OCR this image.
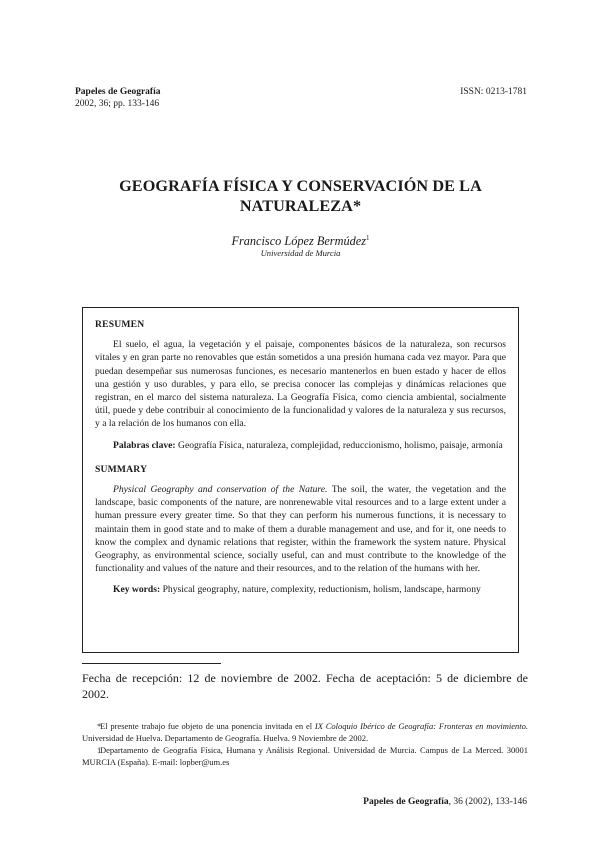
Papeles de Geografía
2002, 36; pp. 133-146
ISSN: 0213-1781
GEOGRAFÍA FÍSICA Y CONSERVACIÓN DE LA NATURALEZA*
Francisco López Bermúdez$^1$
Universidad de Murcia
RESUMEN

El suelo, el agua, la vegetación y el paisaje, componentes básicos de la naturaleza, son recursos vitales y en gran parte no renovables que están sometidos a una presión humana cada vez mayor. Para que puedan desempeñar sus numerosas funciones, es necesario mantenerlos en buen estado y hacer de ellos una gestión y uso durables, y para ello, se precisa conocer las complejas y dinámicas relaciones que registran, en el marco del sistema naturaleza. La Geografía Física, como ciencia ambiental, socialmente útil, puede y debe contribuir al conocimiento de la funcionalidad y valores de la naturaleza y sus recursos, y a la relación de los humanos con ella.

Palabras clave: Geografía Física, naturaleza, complejidad, reduccionismo, holismo, paisaje, armonía

SUMMARY

Physical Geography and conservation of the Nature. The soil, the water, the vegetation and the landscape, basic components of the nature, are nonrenewable vital resources and to a large extent under a human pressure every greater time. So that they can perform his numerous functions, it is necessary to maintain them in good state and to make of them a durable management and use, and for it, one needs to know the complex and dynamic relations that register, within the framework the system nature. Physical Geography, as environmental science, socially useful, can and must contribute to the knowledge of the functionality and values of the nature and their resources, and to the relation of the humans with her.

Key words: Physical geography, nature, complexity, reductionism, holism, landscape, harmony

Fecha de recepción: 12 de noviembre de 2002. Fecha de aceptación: 5 de diciembre de 2002.
*El presente trabajo fue objeto de una ponencia invitada en el IX Coloquio Ibérico de Geografía: Fronteras en movimiento. Universidad de Huelva. Departamento de Geografía. Huelva. 9 Noviembre de 2002.
1Departamento de Geografía Física, Humana y Análisis Regional. Universidad de Murcia. Campus de La Merced. 30001 MURCIA (España). E-mail: lopber@um.es
Papeles de Geografía, 36 (2002), 133-146
